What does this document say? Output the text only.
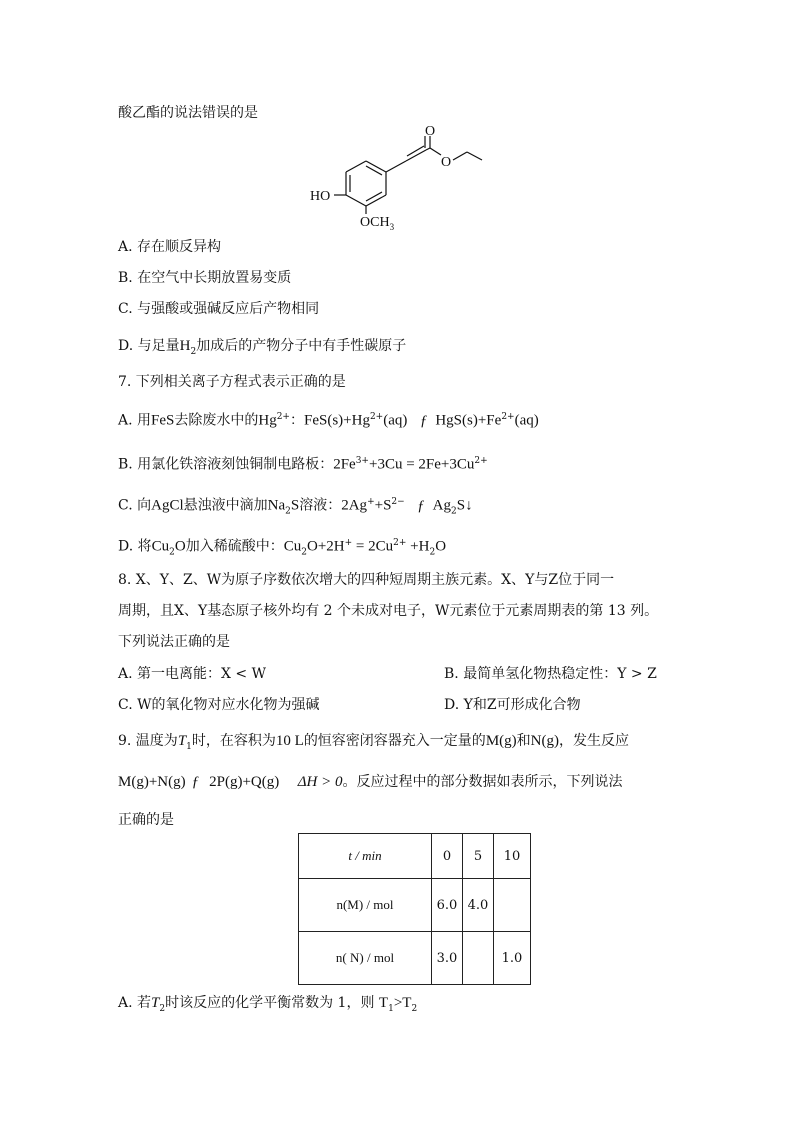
酸乙酯的说法错误的是
O
O
HO
$OCH_3$
A. 存在顺反异构
B. 在空气中长期放置易变质
C. 与强酸或强碱反应后产物相同
D. 与足量$H_2$加成后的产物分子中有手性碳原子
7. 下列相关离子方程式表示正确的是
A. 用FeS去除废水中的$Hg^{2+}$：$FeS(s)+Hg^{2+}(aq)$ ƒ $HgS(s)+Fe^{2+}(aq)$
B. 用氯化铁溶液刻蚀铜制电路板：$2Fe^{3+}+3Cu = 2Fe+3Cu^{2+}$
C. 向AgCl悬浊液中滴加$Na_2S$溶液：$2Ag^++S^{2-}$ ƒ $Ag_2S↓$
D. 将$Cu_2O$加入稀硫酸中：$Cu_2O+2H^+ = 2Cu^{2+} +H_2O$
8. X、Y、Z、W为原子序数依次增大的四种短周期主族元素。X、Y与Z位于同一
周期，且X、Y基态原子核外均有 2 个未成对电子，W元素位于元素周期表的第 13 列。
下列说法正确的是
A. 第一电离能：X < W	B. 最简单氢化物热稳定性：Y > Z
C. W的氧化物对应水化物为强碱	D. Y和Z可形成化合物
9. 温度为$T_1$时，在容积为10 L的恒容密闭容器充入一定量的M(g)和N(g)，发生反应
M(g)+N(g) ƒ 2P(g)+Q(g) ΔH > 0。反应过程中的部分数据如表所示，下列说法
正确的是
t / min	0	5	10
n(M) / mol	6.0	4.0	
n( N) / mol	3.0		1.0
A. 若$T_2$时该反应的化学平衡常数为 1，则 $T_1>T_2$
